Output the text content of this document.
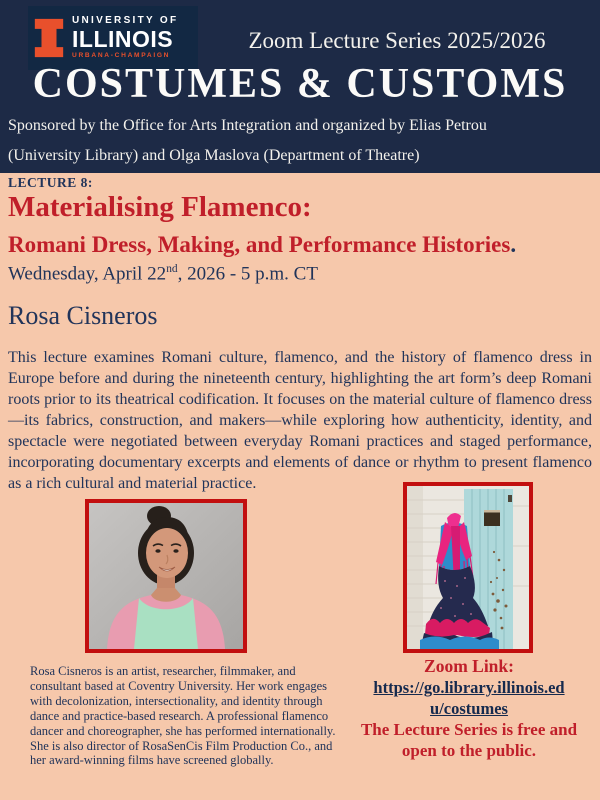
UNIVERSITY OF
ILLINOIS
URBANA-CHAMPAIGN
Zoom Lecture Series 2025/2026
COSTUMES & CUSTOMS
Sponsored by the Office for Arts Integration and organized by Elias Petrou
(University Library) and Olga Maslova (Department of Theatre)
LECTURE 8:
Materialising Flamenco:
Romani Dress, Making, and Performance Histories.
Wednesday, April 22nd, 2026 - 5 p.m. CT
Rosa Cisneros

This lecture examines Romani culture, flamenco, and the history of flamenco dress in Europe before and during the nineteenth century, highlighting the art form’s deep Romani roots prior to its theatrical codification. It focuses on the material culture of flamenco dress—its fabrics, construction, and makers—while exploring how authenticity, identity, and spectacle were negotiated between everyday Romani practices and staged performance, incorporating documentary excerpts and elements of dance or rhythm to present flamenco as a rich cultural and material practice.

Rosa Cisneros is an artist, researcher, filmmaker, and consultant based at Coventry University. Her work engages with decolonization, intersectionality, and identity through dance and practice-based research. A professional flamenco dancer and choreographer, she has performed internationally. She is also director of RosaSenCis Film Production Co., and her award-winning films have screened globally.

Zoom Link:
https://go.library.illinois.ed
u/costumes
The Lecture Series is free and open to the public.
